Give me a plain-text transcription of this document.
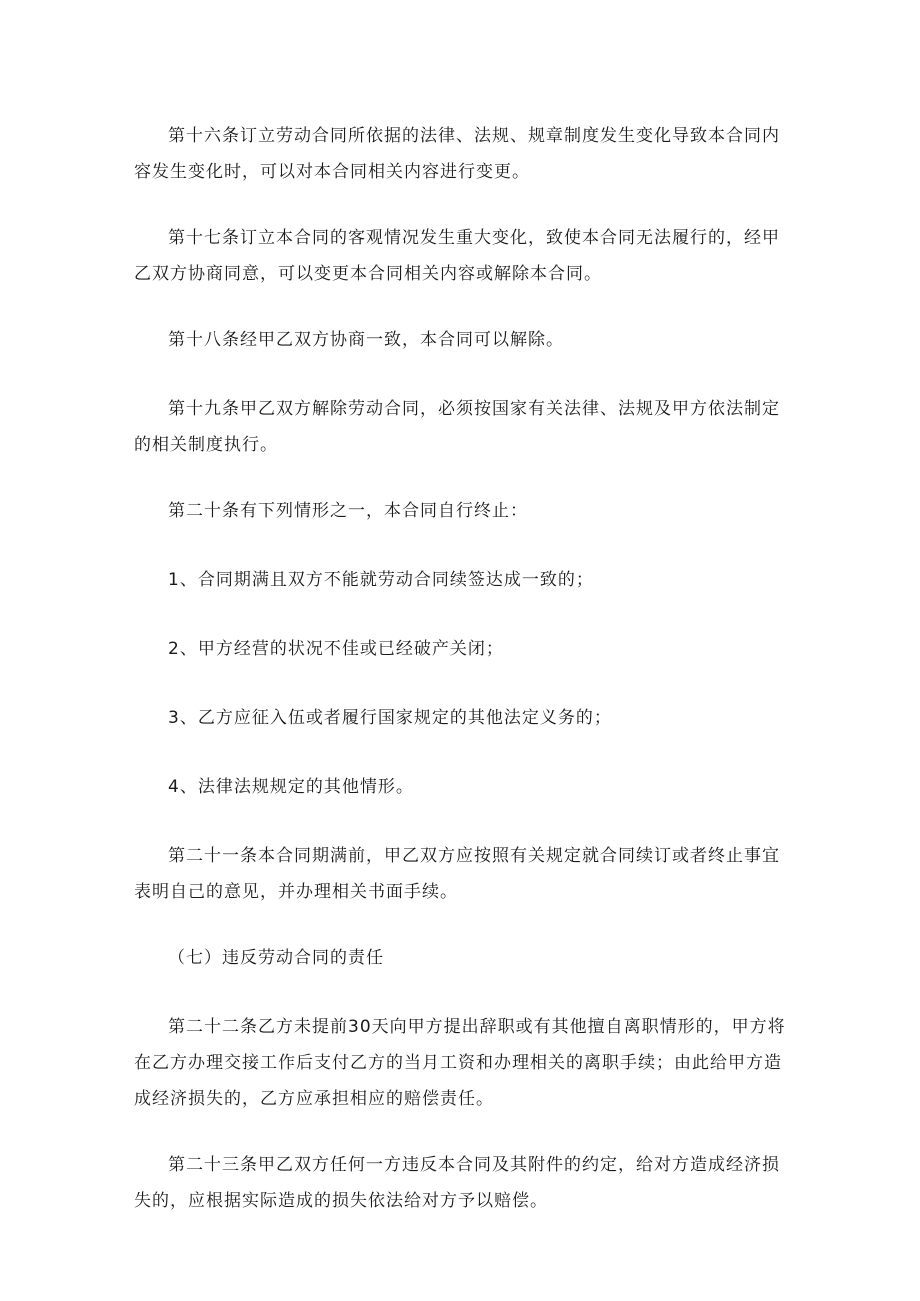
第十六条订立劳动合同所依据的法律、法规、规章制度发生变化导致本合同内容发生变化时，可以对本合同相关内容进行变更。

第十七条订立本合同的客观情况发生重大变化，致使本合同无法履行的，经甲乙双方协商同意，可以变更本合同相关内容或解除本合同。

第十八条经甲乙双方协商一致，本合同可以解除。

第十九条甲乙双方解除劳动合同，必须按国家有关法律、法规及甲方依法制定的相关制度执行。

第二十条有下列情形之一，本合同自行终止：

1、合同期满且双方不能就劳动合同续签达成一致的；

2、甲方经营的状况不佳或已经破产关闭；

3、乙方应征入伍或者履行国家规定的其他法定义务的；

4、法律法规规定的其他情形。

第二十一条本合同期满前，甲乙双方应按照有关规定就合同续订或者终止事宜表明自己的意见，并办理相关书面手续。

（七）违反劳动合同的责任

第二十二条乙方未提前30天向甲方提出辞职或有其他擅自离职情形的，甲方将在乙方办理交接工作后支付乙方的当月工资和办理相关的离职手续；由此给甲方造成经济损失的，乙方应承担相应的赔偿责任。

第二十三条甲乙双方任何一方违反本合同及其附件的约定，给对方造成经济损失的，应根据实际造成的损失依法给对方予以赔偿。
